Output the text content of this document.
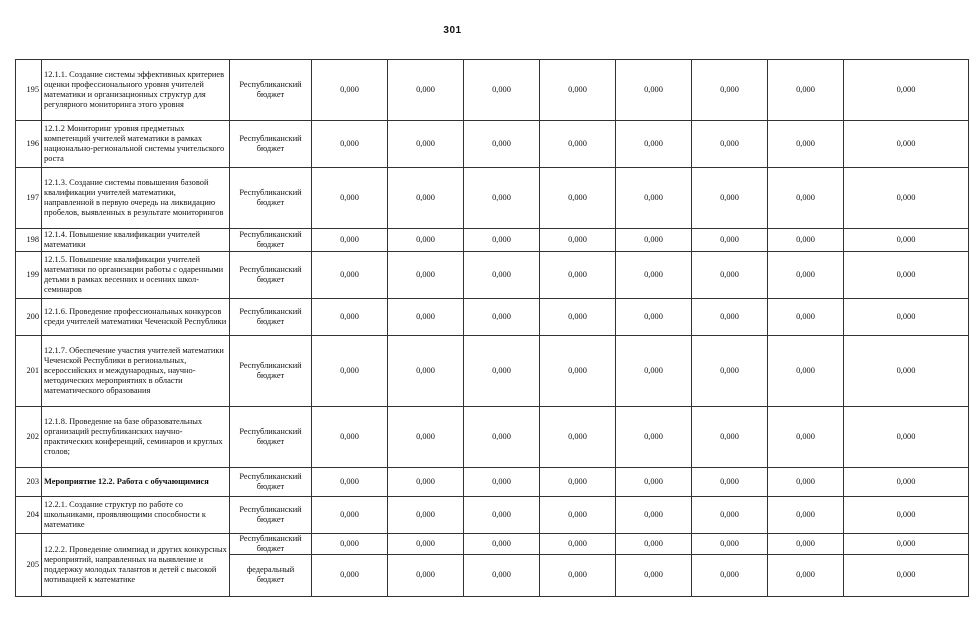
301
195	12.1.1. Создание системы эффективных критериев оценки профессионального уровня учителей математики и организационных структур для регулярного мониторинга этого уровня	Республиканский бюджет	0,000	0,000	0,000	0,000	0,000	0,000	0,000	0,000
196	12.1.2 Мониторинг уровня предметных компетенций учителей математики в рамках национально-региональной системы учительского роста	Республиканский бюджет	0,000	0,000	0,000	0,000	0,000	0,000	0,000	0,000
197	12.1.3. Создание системы повышения базовой квалификации учителей математики, направленной в первую очередь на ликвидацию пробелов, выявленных в результате мониторингов	Республиканский бюджет	0,000	0,000	0,000	0,000	0,000	0,000	0,000	0,000
198	12.1.4. Повышение квалификации учителей математики	Республиканский бюджет	0,000	0,000	0,000	0,000	0,000	0,000	0,000	0,000
199	12.1.5. Повышение квалификации учителей математики по организации работы с одаренными детьми в рамках весенних и осенних школ-семинаров	Республиканский бюджет	0,000	0,000	0,000	0,000	0,000	0,000	0,000	0,000
200	12.1.6. Проведение профессиональных конкурсов среди учителей математики Чеченской Республики	Республиканский бюджет	0,000	0,000	0,000	0,000	0,000	0,000	0,000	0,000
201	12.1.7. Обеспечение участия учителей математики Чеченской Республики в региональных, всероссийских и международных, научно-методических мероприятиях в области математического образования	Республиканский бюджет	0,000	0,000	0,000	0,000	0,000	0,000	0,000	0,000
202	12.1.8. Проведение на базе образовательных организаций республиканских научно-практических конференций, семинаров и круглых столов;	Республиканский бюджет	0,000	0,000	0,000	0,000	0,000	0,000	0,000	0,000
203	Мероприятие 12.2. Работа с обучающимися	Республиканский бюджет	0,000	0,000	0,000	0,000	0,000	0,000	0,000	0,000
204	12.2.1. Создание структур по работе со школьниками, проявляющими способности к математике	Республиканский бюджет	0,000	0,000	0,000	0,000	0,000	0,000	0,000	0,000
205	12.2.2. Проведение олимпиад и других конкурсных мероприятий, направленных на выявление и поддержку молодых талантов и детей с высокой мотивацией к математике	Республиканский бюджет	0,000	0,000	0,000	0,000	0,000	0,000	0,000	0,000
		федеральный бюджет	0,000	0,000	0,000	0,000	0,000	0,000	0,000	0,000
